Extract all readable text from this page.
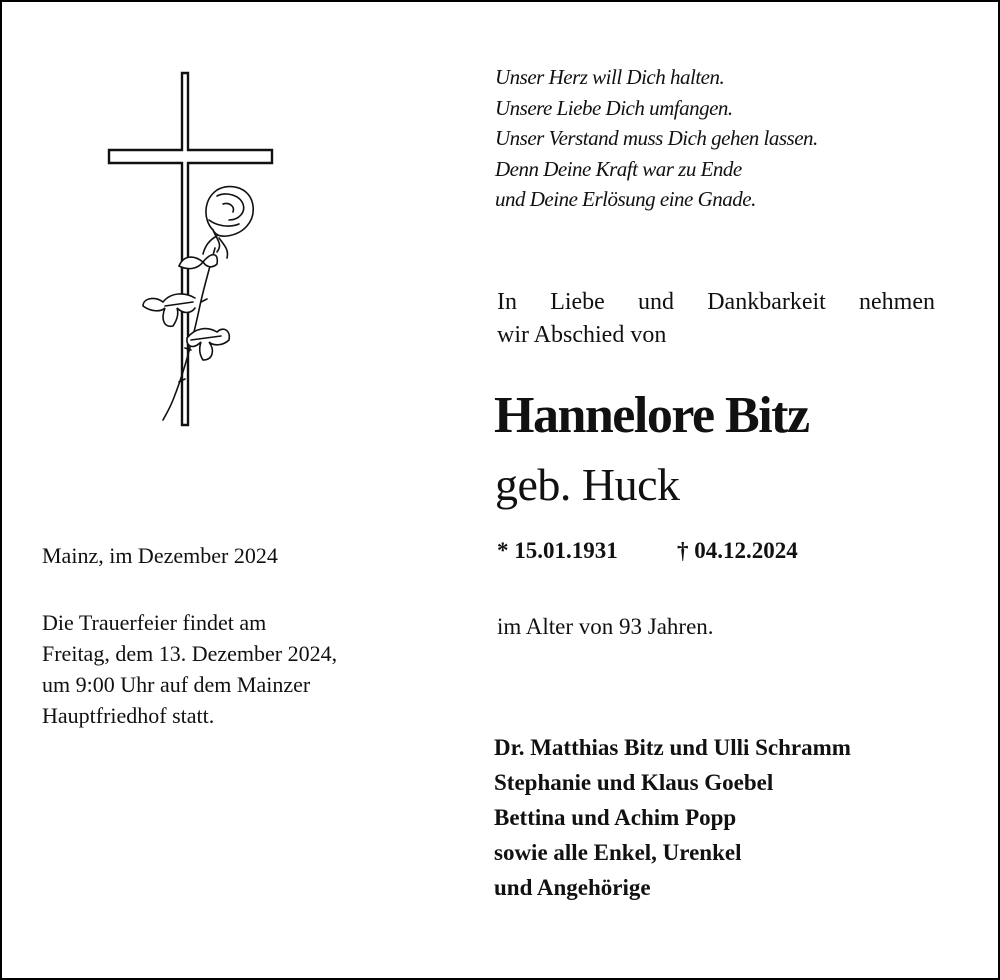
Unser Herz will Dich halten.
Unsere Liebe Dich umfangen.
Unser Verstand muss Dich gehen lassen.
Denn Deine Kraft war zu Ende
und Deine Erlösung eine Gnade.
In Liebe und Dankbarkeit nehmen
wir Abschied von
Hannelore Bitz
geb. Huck
* 15.01.1931	† 04.12.2024
im Alter von 93 Jahren.
Mainz, im Dezember 2024
Die Trauerfeier findet am
Freitag, dem 13. Dezember 2024,
um 9:00 Uhr auf dem Mainzer
Hauptfriedhof statt.
Dr. Matthias Bitz und Ulli Schramm
Stephanie und Klaus Goebel
Bettina und Achim Popp
sowie alle Enkel, Urenkel
und Angehörige
